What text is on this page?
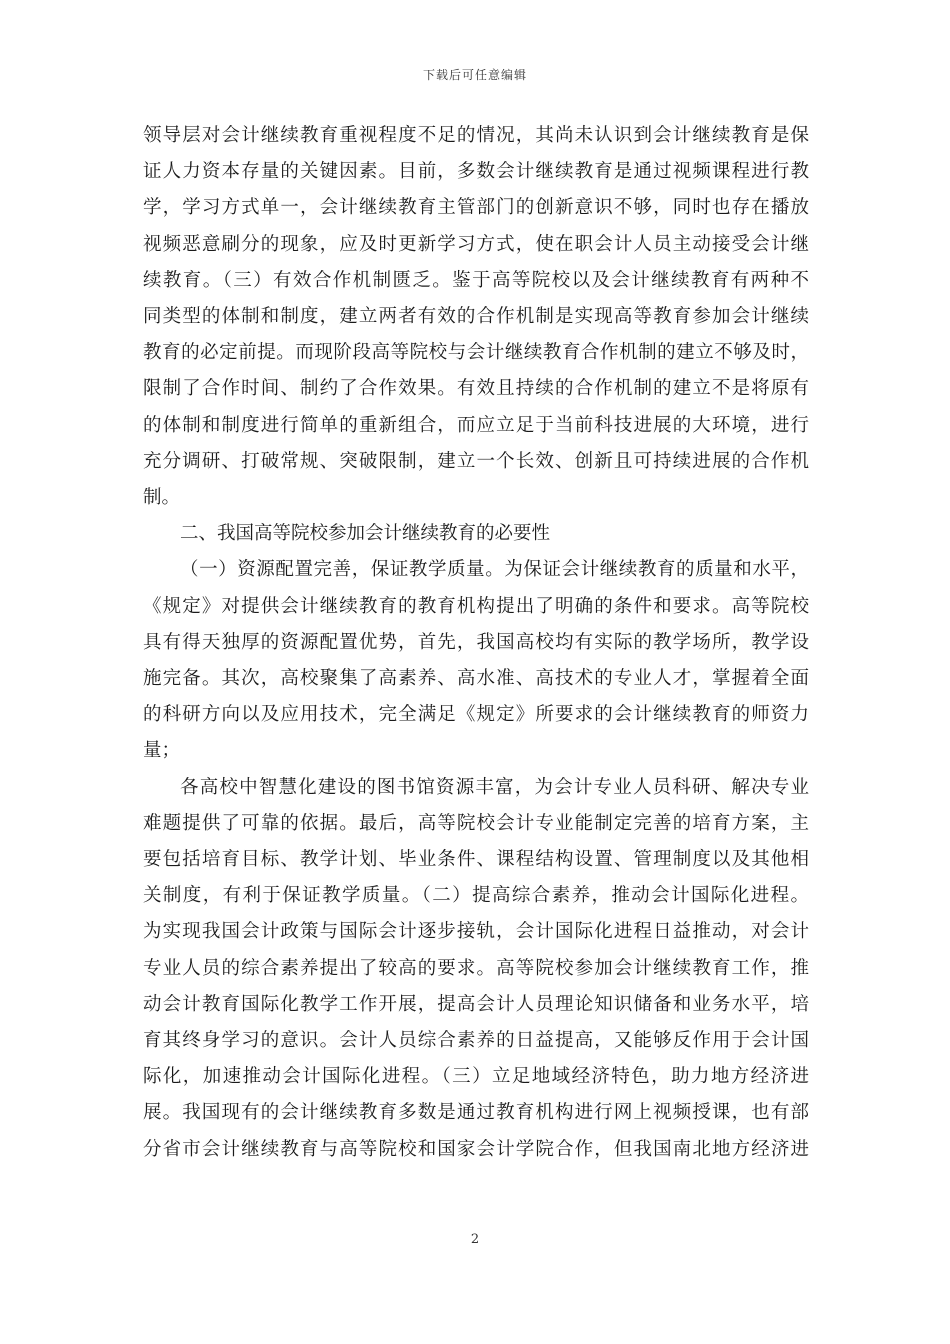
下载后可任意编辑
领导层对会计继续教育重视程度不足的情况，其尚未认识到会计继续教育是保
证人力资本存量的关键因素。目前，多数会计继续教育是通过视频课程进行教
学，学习方式单一，会计继续教育主管部门的创新意识不够，同时也存在播放
视频恶意刷分的现象，应及时更新学习方式，使在职会计人员主动接受会计继
续教育。（三）有效合作机制匮乏。鉴于高等院校以及会计继续教育有两种不
同类型的体制和制度，建立两者有效的合作机制是实现高等教育参加会计继续
教育的必定前提。而现阶段高等院校与会计继续教育合作机制的建立不够及时，
限制了合作时间、制约了合作效果。有效且持续的合作机制的建立不是将原有
的体制和制度进行简单的重新组合，而应立足于当前科技进展的大环境，进行
充分调研、打破常规、突破限制，建立一个长效、创新且可持续进展的合作机
制。
二、我国高等院校参加会计继续教育的必要性
（一）资源配置完善，保证教学质量。为保证会计继续教育的质量和水平，
《规定》对提供会计继续教育的教育机构提出了明确的条件和要求。高等院校
具有得天独厚的资源配置优势，首先，我国高校均有实际的教学场所，教学设
施完备。其次，高校聚集了高素养、高水准、高技术的专业人才，掌握着全面
的科研方向以及应用技术，完全满足《规定》所要求的会计继续教育的师资力
量；
各高校中智慧化建设的图书馆资源丰富，为会计专业人员科研、解决专业
难题提供了可靠的依据。最后，高等院校会计专业能制定完善的培育方案，主
要包括培育目标、教学计划、毕业条件、课程结构设置、管理制度以及其他相
关制度，有利于保证教学质量。（二）提高综合素养，推动会计国际化进程。
为实现我国会计政策与国际会计逐步接轨，会计国际化进程日益推动，对会计
专业人员的综合素养提出了较高的要求。高等院校参加会计继续教育工作，推
动会计教育国际化教学工作开展，提高会计人员理论知识储备和业务水平，培
育其终身学习的意识。会计人员综合素养的日益提高，又能够反作用于会计国
际化，加速推动会计国际化进程。（三）立足地域经济特色，助力地方经济进
展。我国现有的会计继续教育多数是通过教育机构进行网上视频授课，也有部
分省市会计继续教育与高等院校和国家会计学院合作，但我国南北地方经济进
2
